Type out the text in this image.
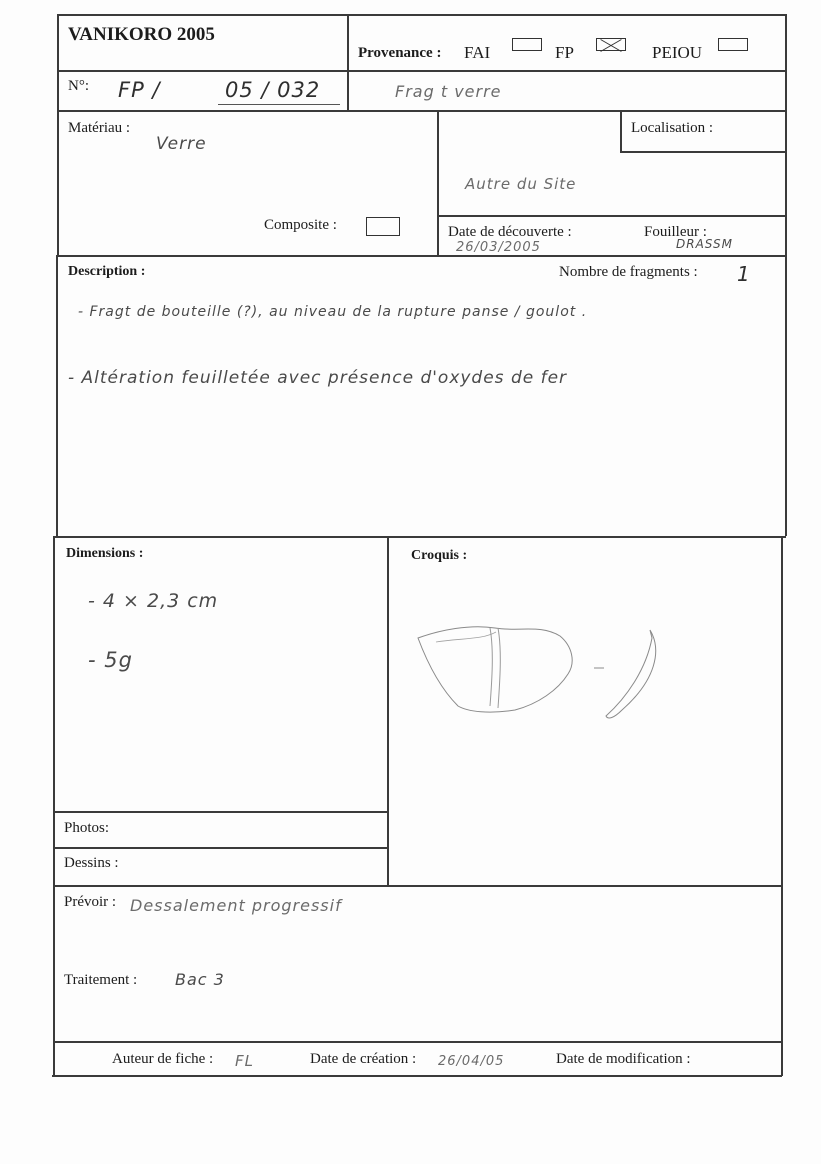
VANIKORO 2005
Provenance : FAI	FP	PEIOU
N°: FP /	05 / 032	Frag t verre
Matériau :
Verre
Composite :
Localisation :
Autre du Site
Date de découverte :
26/03/2005
Fouilleur :
DRASSM
Description :	Nombre de fragments : 1
- Fragt de bouteille (?), au niveau de la rupture panse / goulot .
- Altération feuilletée avec présence d'oxydes de fer
Dimensions :
- 4 × 2,3 cm
- 5g
Croquis :
Photos:
Dessins :
Prévoir : Dessalement progressif
Traitement : Bac 3
Auteur de fiche : FL	Date de création : 26/04/05	Date de modification :
